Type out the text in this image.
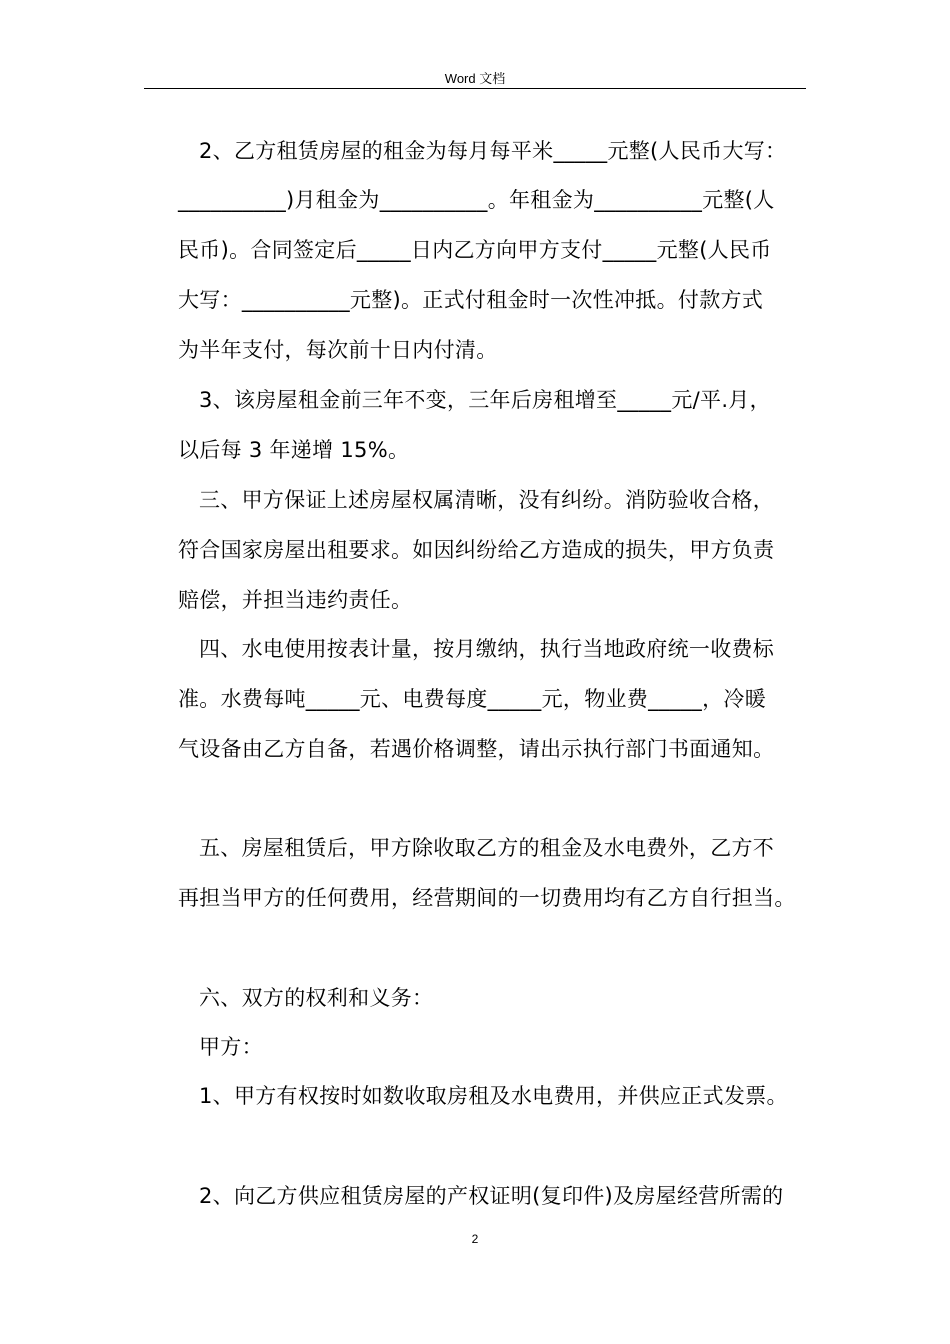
Word 文档
2、乙方租赁房屋的租金为每月每平米_____元整(人民币大写：
__________)月租金为__________。年租金为__________元整(人
民币)。合同签定后_____日内乙方向甲方支付_____元整(人民币
大写：__________元整)。正式付租金时一次性冲抵。付款方式
为半年支付，每次前十日内付清。
3、该房屋租金前三年不变，三年后房租增至_____元/平.月，
以后每 3 年递增 15%。
三、甲方保证上述房屋权属清晰，没有纠纷。消防验收合格，
符合国家房屋出租要求。如因纠纷给乙方造成的损失，甲方负责
赔偿，并担当违约责任。
四、水电使用按表计量，按月缴纳，执行当地政府统一收费标
准。水费每吨_____元、电费每度_____元，物业费_____，冷暖
气设备由乙方自备，若遇价格调整，请出示执行部门书面通知。
五、房屋租赁后，甲方除收取乙方的租金及水电费外，乙方不
再担当甲方的任何费用，经营期间的一切费用均有乙方自行担当。
六、双方的权利和义务：
甲方：
1、甲方有权按时如数收取房租及水电费用，并供应正式发票。
2、向乙方供应租赁房屋的产权证明(复印件)及房屋经营所需的
2
